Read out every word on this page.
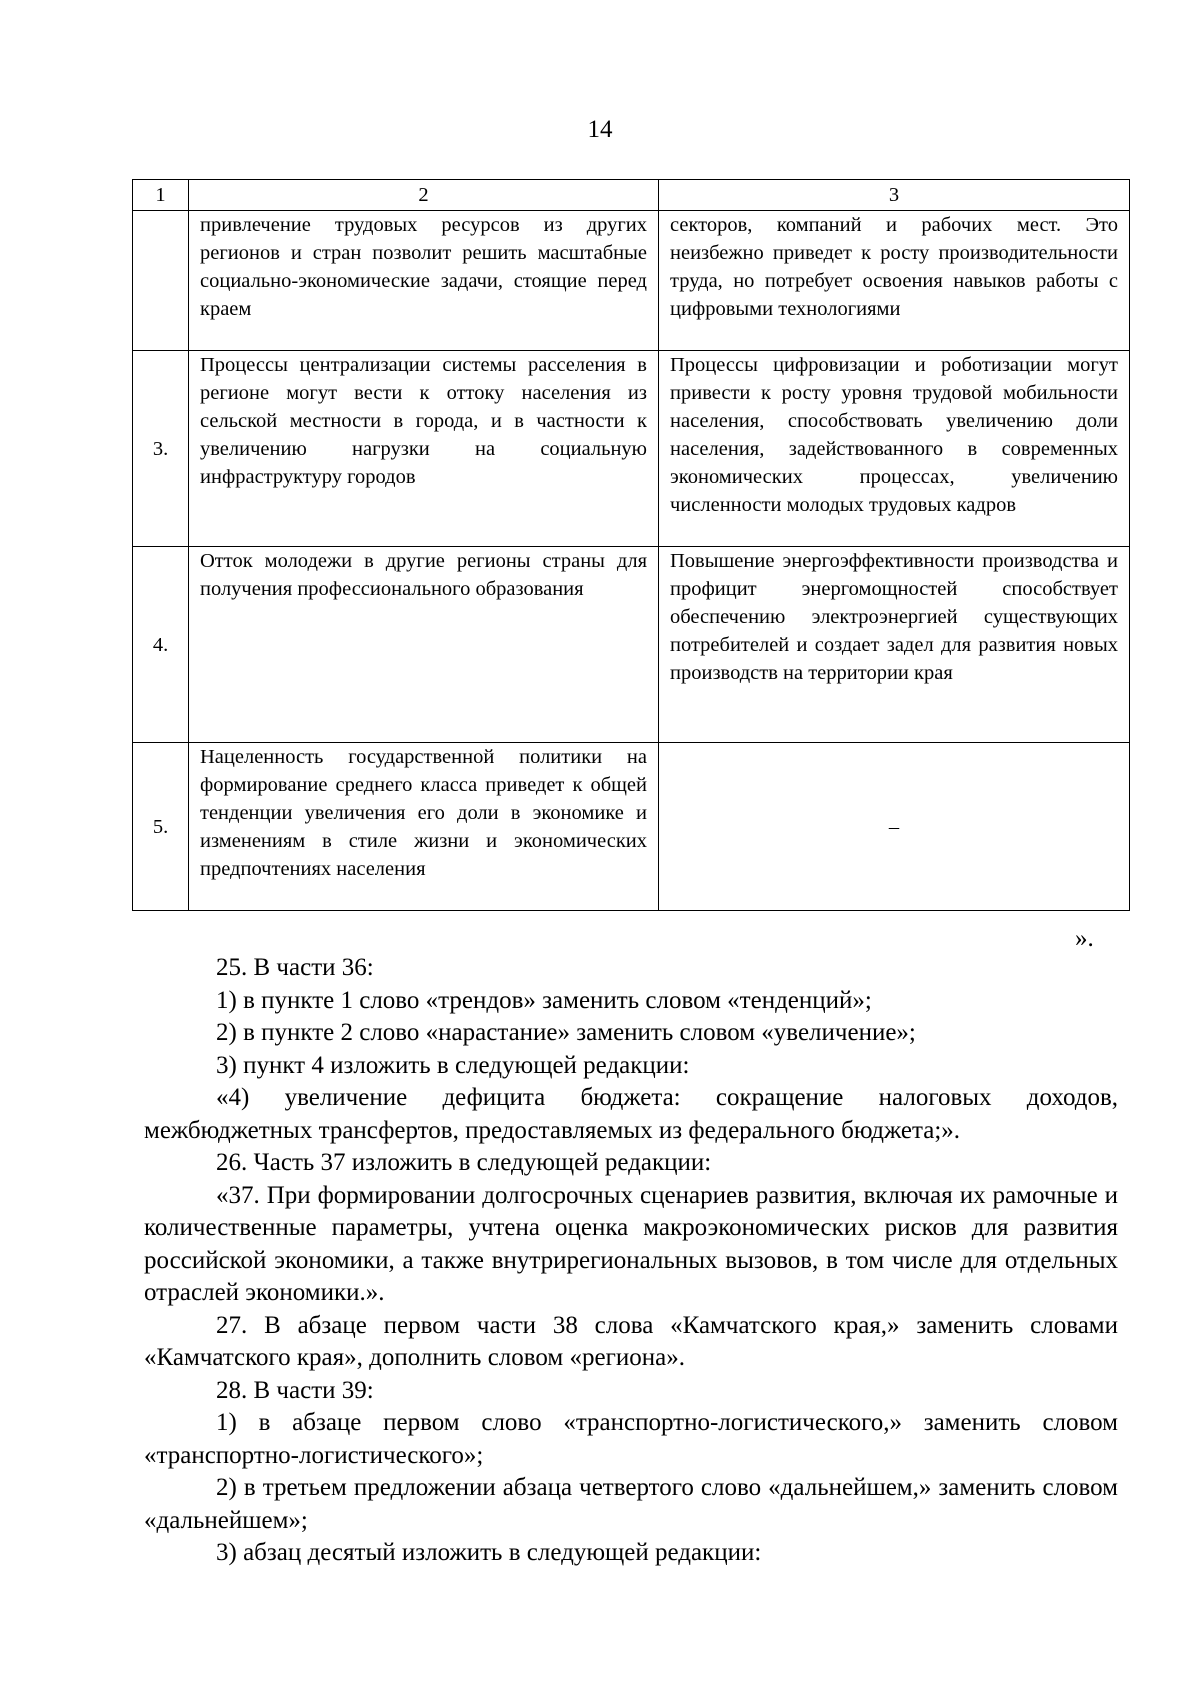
14
1	2	3

	привлечение трудовых ресурсов из других регионов и стран позволит решить масштабные социально-экономические задачи, стоящие перед краем	секторов, компаний и рабочих мест. Это неизбежно приведет к росту производительности труда, но потребует освоения навыков работы с цифровыми технологиями

3.	Процессы централизации системы расселения в регионе могут вести к оттоку населения из сельской местности в города, и в частности к увеличению нагрузки на социальную инфраструктуру городов	Процессы цифровизации и роботизации могут привести к росту уровня трудовой мобильности населения, способствовать увеличению доли населения, задействованного в современных экономических процессах, увеличению численности молодых трудовых кадров

4.	Отток молодежи в другие регионы страны для получения профессионального образования	Повышение энергоэффективности производства и профицит энергомощностей способствует обеспечению электроэнергией существующих потребителей и создает задел для развития новых производств на территории края

5.	Нацеленность государственной политики на формирование среднего класса приведет к общей тенденции увеличения его доли в экономике и изменениям в стиле жизни и экономических предпочтениях населения	–
».

25. В части 36:

1) в пункте 1 слово «трендов» заменить словом «тенденций»;

2) в пункте 2 слово «нарастание» заменить словом «увеличение»;

3) пункт 4 изложить в следующей редакции:

«4) увеличение дефицита бюджета: сокращение налоговых доходов, межбюджетных трансфертов, предоставляемых из федерального бюджета;».

26. Часть 37 изложить в следующей редакции:

«37. При формировании долгосрочных сценариев развития, включая их рамочные и количественные параметры, учтена оценка макроэкономических рисков для развития российской экономики, а также внутрирегиональных вызовов, в том числе для отдельных отраслей экономики.».

27. В абзаце первом части 38 слова «Камчатского края,» заменить словами «Камчатского края», дополнить словом «региона».

28. В части 39:

1) в абзаце первом слово «транспортно-логистического,» заменить словом «транспортно-логистического»;

2) в третьем предложении абзаца четвертого слово «дальнейшем,» заменить словом «дальнейшем»;

3) абзац десятый изложить в следующей редакции:
